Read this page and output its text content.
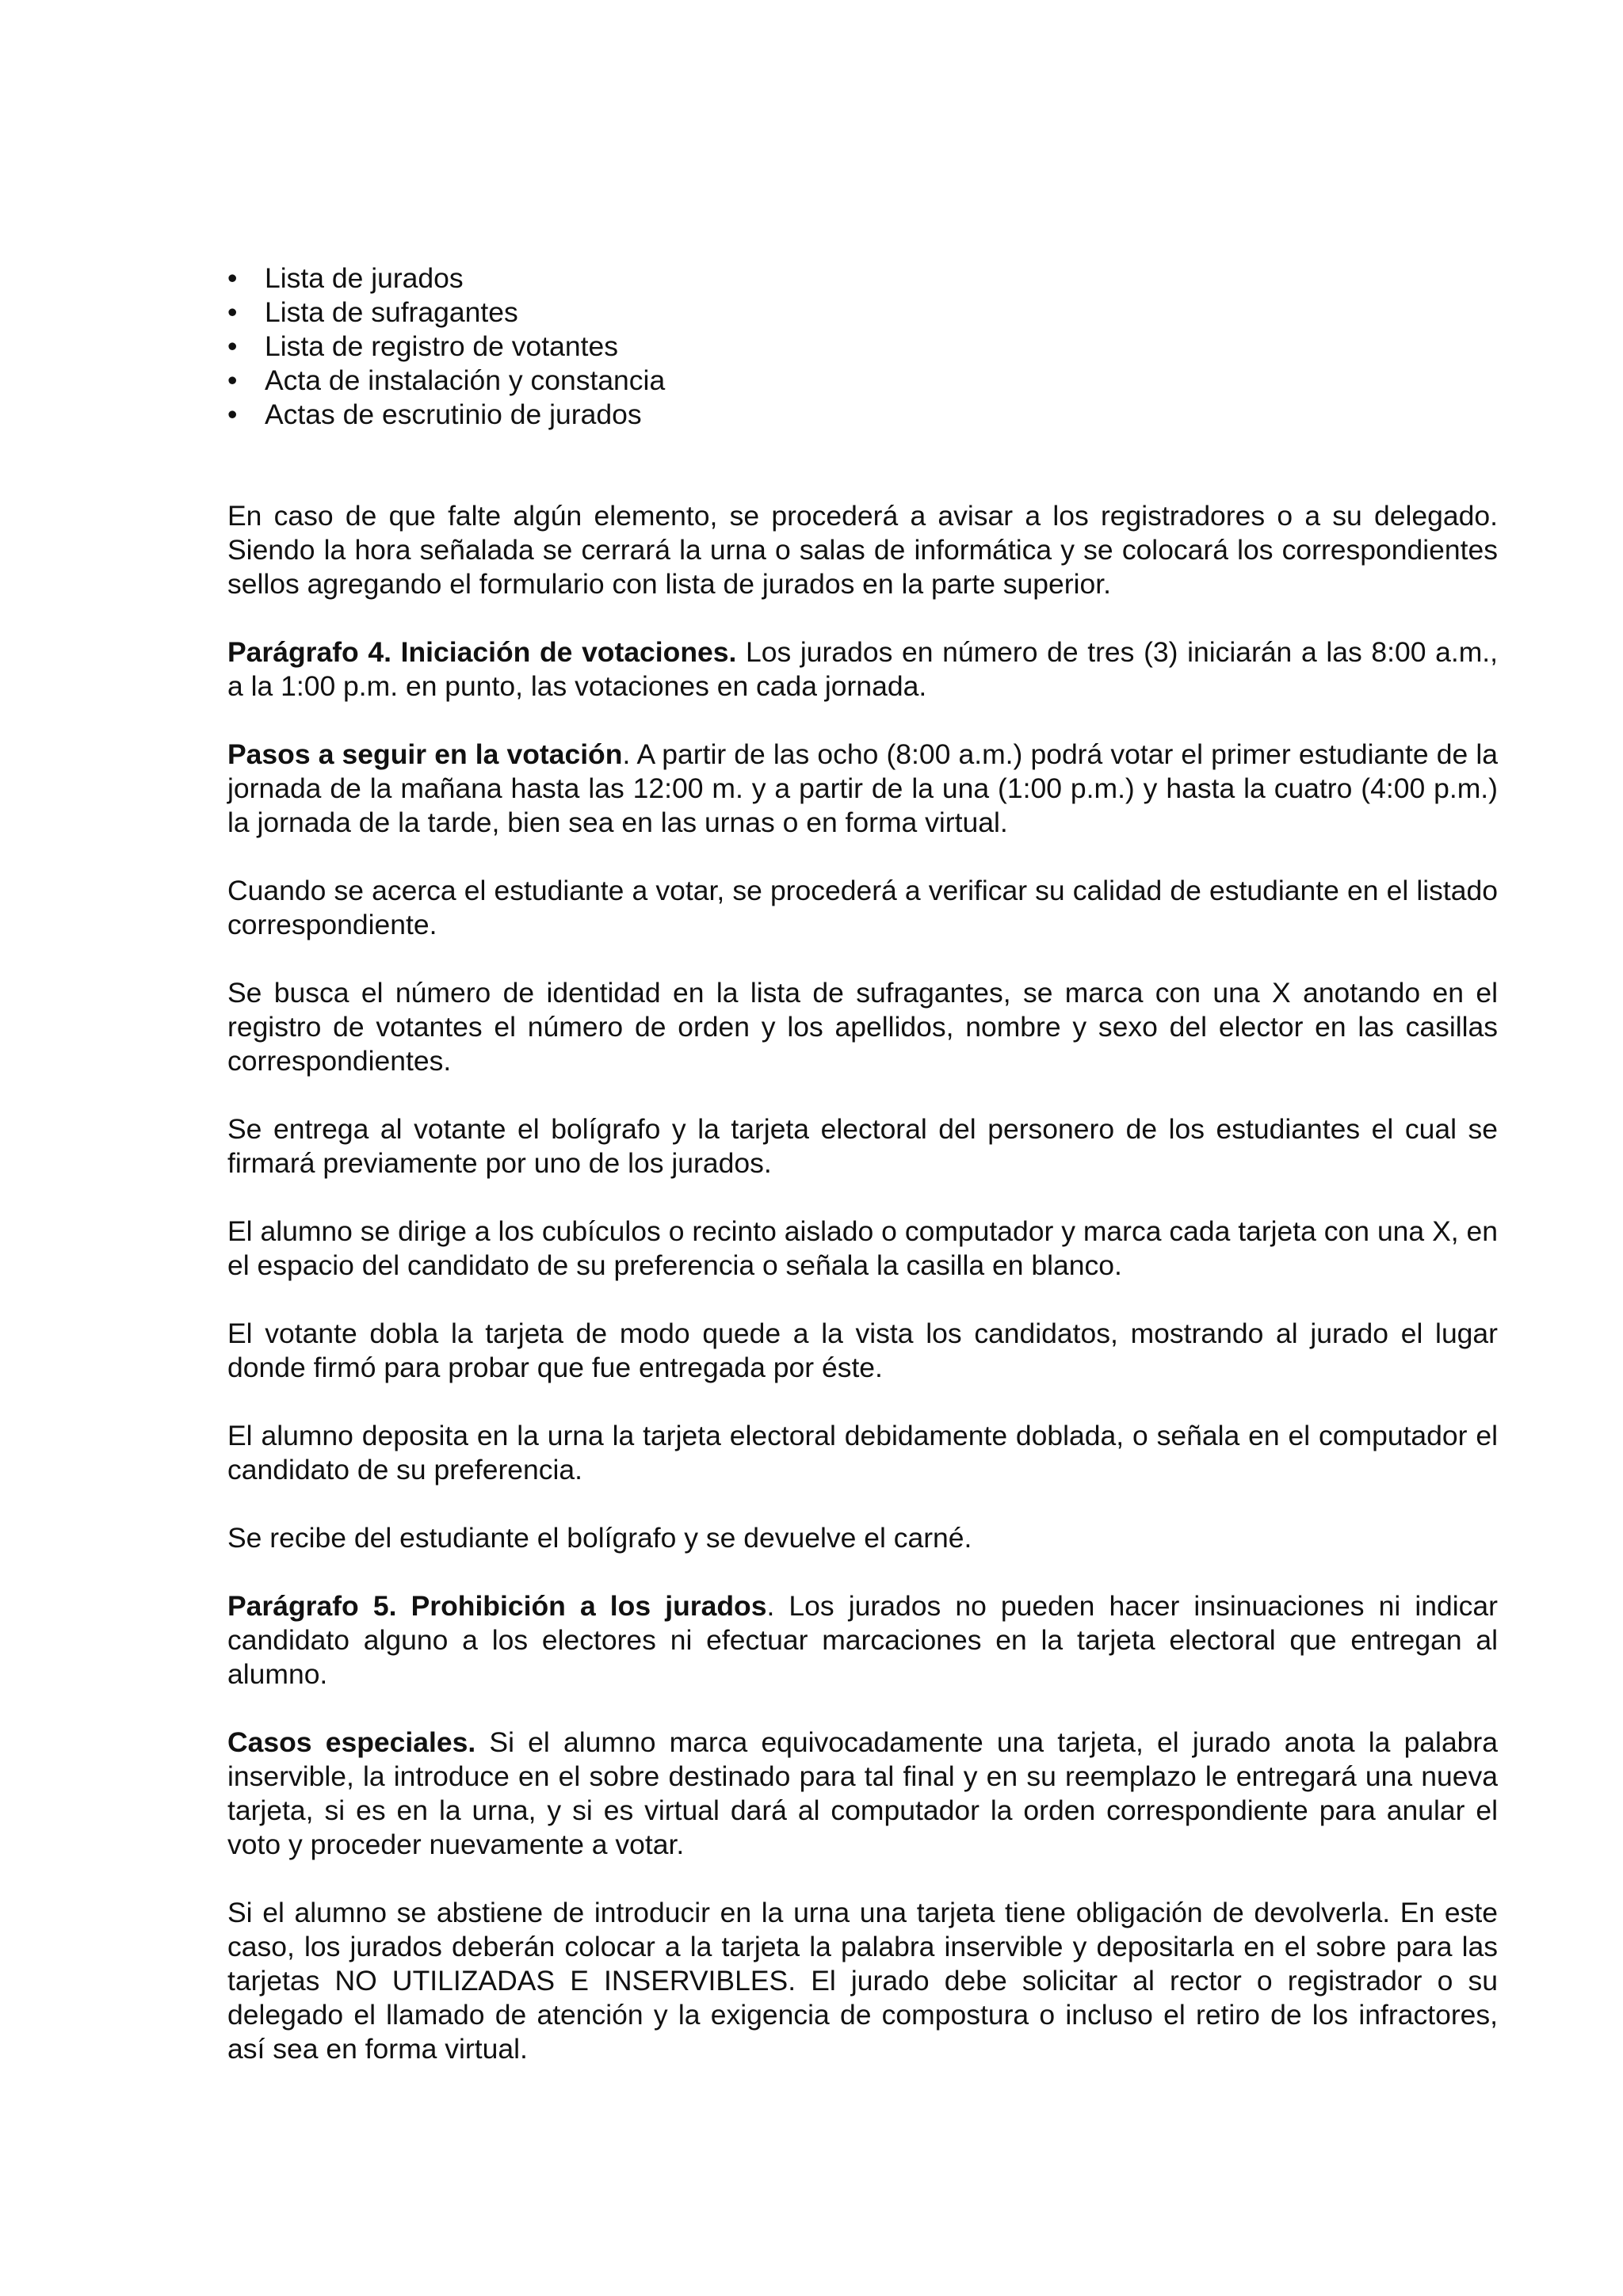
• Lista de jurados
• Lista de sufragantes
• Lista de registro de votantes
• Acta de instalación y constancia
• Actas de escrutinio de jurados

En caso de que falte algún elemento, se procederá a avisar a los registradores o a su delegado. Siendo la hora señalada se cerrará la urna o salas de informática y se colocará los correspondientes sellos agregando el formulario con lista de jurados en la parte superior.

Parágrafo 4. Iniciación de votaciones. Los jurados en número de tres (3) iniciarán a las 8:00 a.m., a la 1:00 p.m. en punto, las votaciones en cada jornada.

Pasos a seguir en la votación. A partir de las ocho (8:00 a.m.) podrá votar el primer estudiante de la jornada de la mañana hasta las 12:00 m. y a partir de la una (1:00 p.m.) y hasta la cuatro (4:00 p.m.) la jornada de la tarde, bien sea en las urnas o en forma virtual.

Cuando se acerca el estudiante a votar, se procederá a verificar su calidad de estudiante en el listado correspondiente.

Se busca el número de identidad en la lista de sufragantes, se marca con una X anotando en el registro de votantes el número de orden y los apellidos, nombre y sexo del elector en las casillas correspondientes.

Se entrega al votante el bolígrafo y la tarjeta electoral del personero de los estudiantes el cual se firmará previamente por uno de los jurados.

El alumno se dirige a los cubículos o recinto aislado o computador y marca cada tarjeta con una X, en el espacio del candidato de su preferencia o señala la casilla en blanco.

El votante dobla la tarjeta de modo quede a la vista los candidatos, mostrando al jurado el lugar donde firmó para probar que fue entregada por éste.

El alumno deposita en la urna la tarjeta electoral debidamente doblada, o señala en el computador el candidato de su preferencia.

Se recibe del estudiante el bolígrafo y se devuelve el carné.

Parágrafo 5. Prohibición a los jurados. Los jurados no pueden hacer insinuaciones ni indicar candidato alguno a los electores ni efectuar marcaciones en la tarjeta electoral que entregan al alumno.

Casos especiales. Si el alumno marca equivocadamente una tarjeta, el jurado anota la palabra inservible, la introduce en el sobre destinado para tal final y en su reemplazo le entregará una nueva tarjeta, si es en la urna, y si es virtual dará al computador la orden correspondiente para anular el voto y proceder nuevamente a votar.

Si el alumno se abstiene de introducir en la urna una tarjeta tiene obligación de devolverla. En este caso, los jurados deberán colocar a la tarjeta la palabra inservible y depositarla en el sobre para las tarjetas NO UTILIZADAS E INSERVIBLES. El jurado debe solicitar al rector o registrador o su delegado el llamado de atención y la exigencia de compostura o incluso el retiro de los infractores, así sea en forma virtual.
